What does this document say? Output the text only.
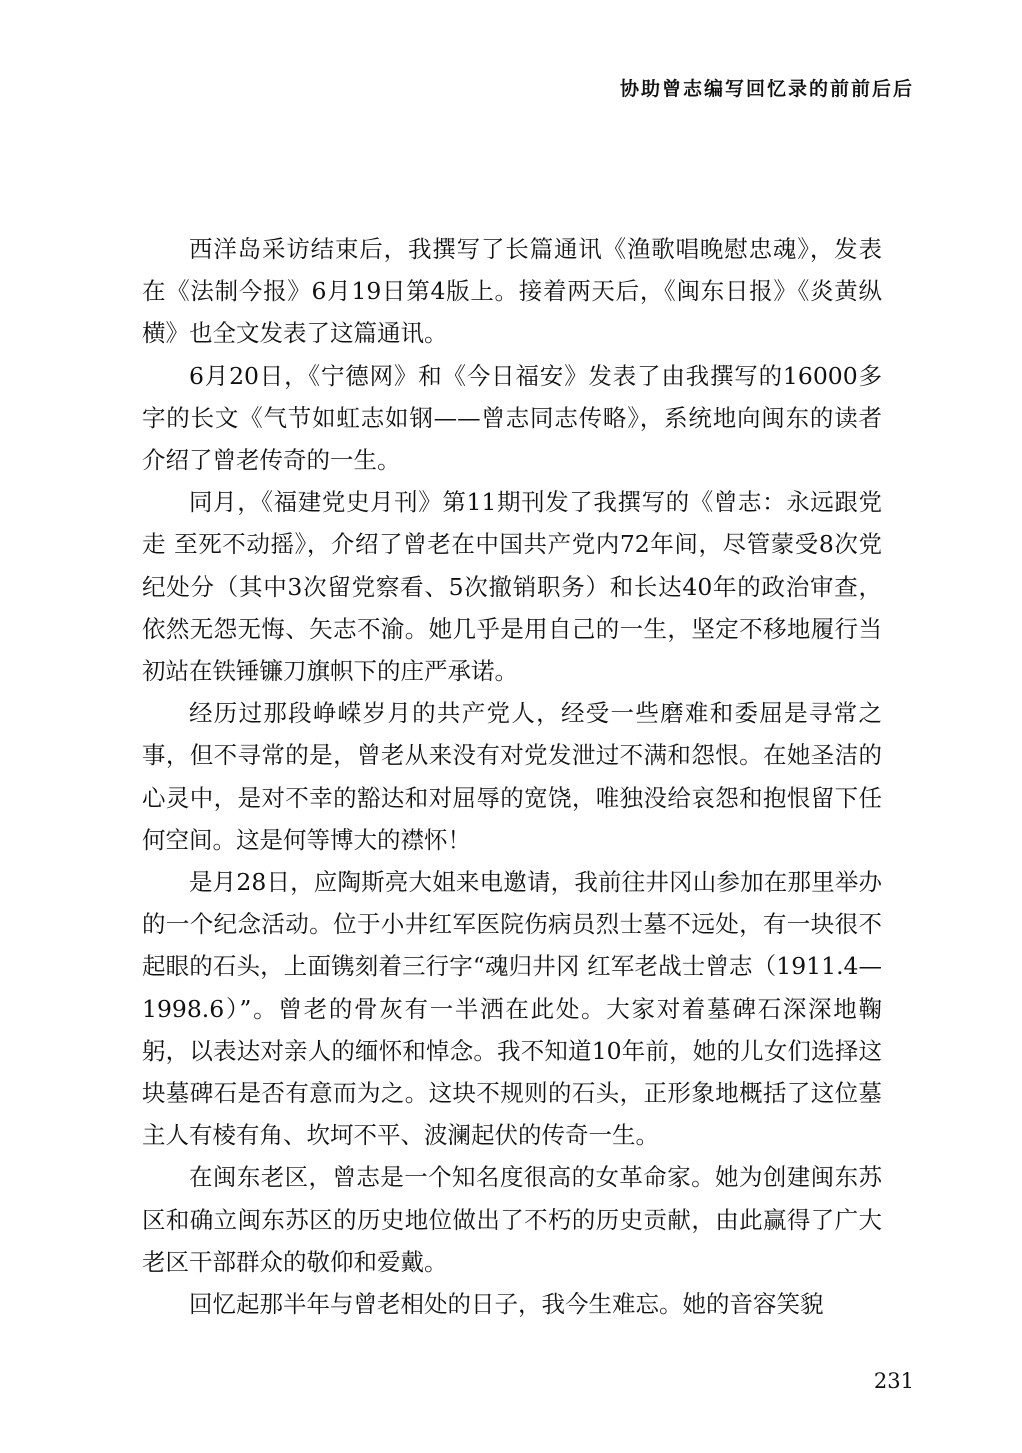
协助曾志编写回忆录的前前后后

西洋岛采访结束后，我撰写了长篇通讯《渔歌唱晚慰忠魂》，发表在《法制今报》6月19日第4版上。接着两天后，《闽东日报》《炎黄纵横》也全文发表了这篇通讯。

6月20日，《宁德网》和《今日福安》发表了由我撰写的16000多字的长文《气节如虹志如钢——曾志同志传略》，系统地向闽东的读者介绍了曾老传奇的一生。

同月，《福建党史月刊》第11期刊发了我撰写的《曾志：永远跟党走 至死不动摇》，介绍了曾老在中国共产党内72年间，尽管蒙受8次党纪处分（其中3次留党察看、5次撤销职务）和长达40年的政治审查，依然无怨无悔、矢志不渝。她几乎是用自己的一生，坚定不移地履行当初站在铁锤镰刀旗帜下的庄严承诺。

经历过那段峥嵘岁月的共产党人，经受一些磨难和委屈是寻常之事，但不寻常的是，曾老从来没有对党发泄过不满和怨恨。在她圣洁的心灵中，是对不幸的豁达和对屈辱的宽饶，唯独没给哀怨和抱恨留下任何空间。这是何等博大的襟怀！

是月28日，应陶斯亮大姐来电邀请，我前往井冈山参加在那里举办的一个纪念活动。位于小井红军医院伤病员烈士墓不远处，有一块很不起眼的石头，上面镌刻着三行字“魂归井冈 红军老战士曾志（1911.4—1998.6）”。曾老的骨灰有一半洒在此处。大家对着墓碑石深深地鞠躬，以表达对亲人的缅怀和悼念。我不知道10年前，她的儿女们选择这块墓碑石是否有意而为之。这块不规则的石头，正形象地概括了这位墓主人有棱有角、坎坷不平、波澜起伏的传奇一生。

在闽东老区，曾志是一个知名度很高的女革命家。她为创建闽东苏区和确立闽东苏区的历史地位做出了不朽的历史贡献，由此赢得了广大老区干部群众的敬仰和爱戴。

回忆起那半年与曾老相处的日子，我今生难忘。她的音容笑貌

231
